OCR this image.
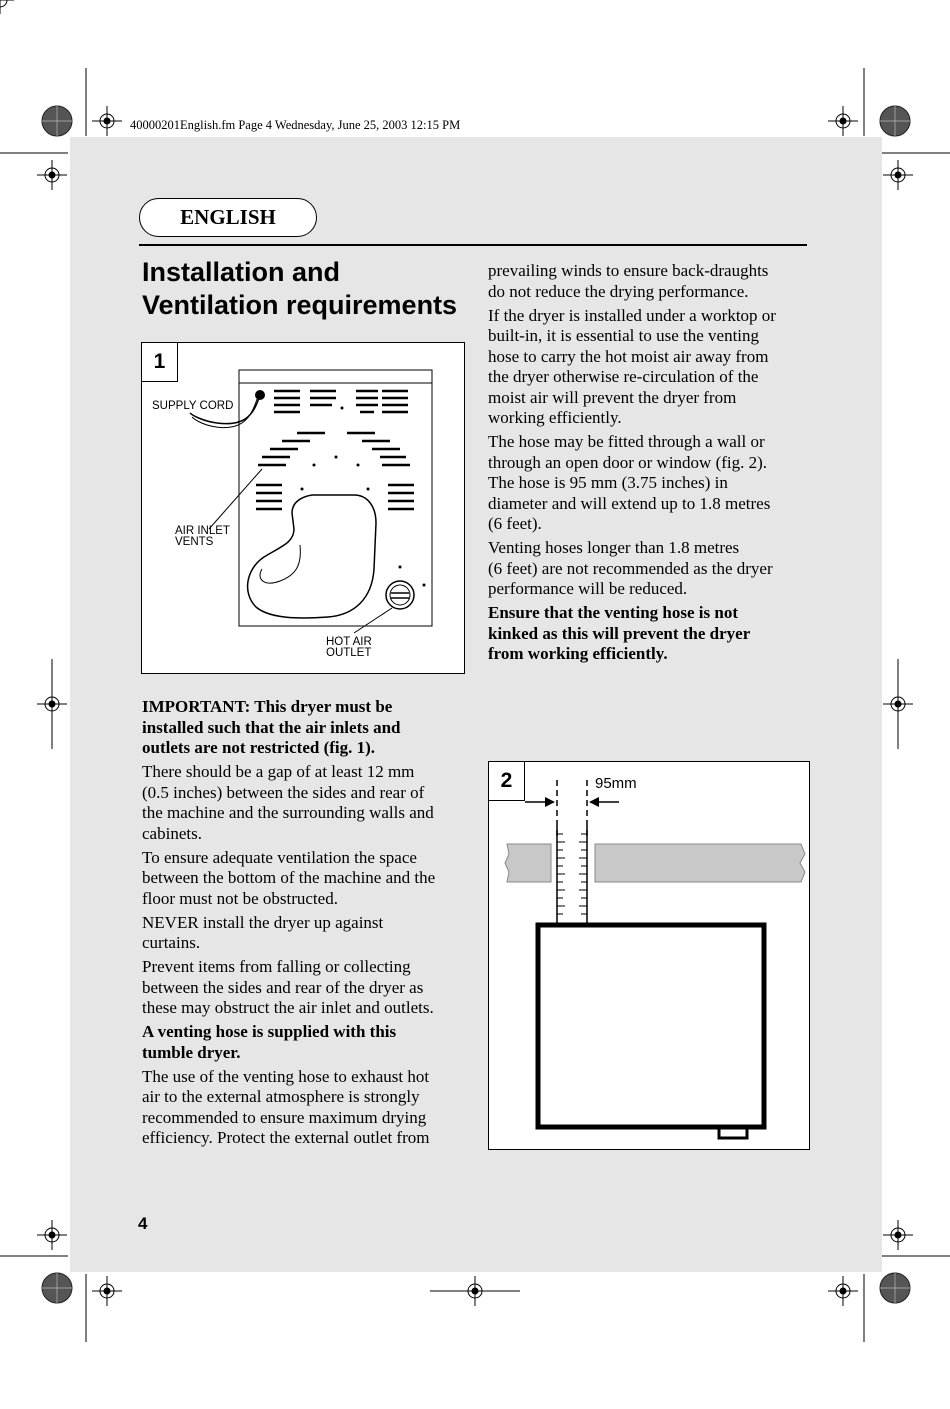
40000201English.fm Page 4 Wednesday, June 25, 2003 12:15 PM
ENGLISH
Installation and
Ventilation requirements
1
SUPPLY CORD
AIR INLET
VENTS
HOT AIR
OUTLET
2	95mm

IMPORTANT: This dryer must be
installed such that the air inlets and
outlets are not restricted (fig. 1).

There should be a gap of at least 12 mm
(0.5 inches) between the sides and rear of
the machine and the surrounding walls and
cabinets.

To ensure adequate ventilation the space
between the bottom of the machine and the
floor must not be obstructed.

NEVER install the dryer up against
curtains.

Prevent items from falling or collecting
between the sides and rear of the dryer as
these may obstruct the air inlet and outlets.

A venting hose is supplied with this
tumble dryer.

The use of the venting hose to exhaust hot
air to the external atmosphere is strongly
recommended to ensure maximum drying
efficiency. Protect the external outlet from

prevailing winds to ensure back-draughts
do not reduce the drying performance.

If the dryer is installed under a worktop or
built-in, it is essential to use the venting
hose to carry the hot moist air away from
the dryer otherwise re-circulation of the
moist air will prevent the dryer from
working efficiently.

The hose may be fitted through a wall or
through an open door or window (fig. 2).
The hose is 95 mm (3.75 inches) in
diameter and will extend up to 1.8 metres
(6 feet).

Venting hoses longer than 1.8 metres
(6 feet) are not recommended as the dryer
performance will be reduced.

Ensure that the venting hose is not
kinked as this will prevent the dryer
from working efficiently.

4
